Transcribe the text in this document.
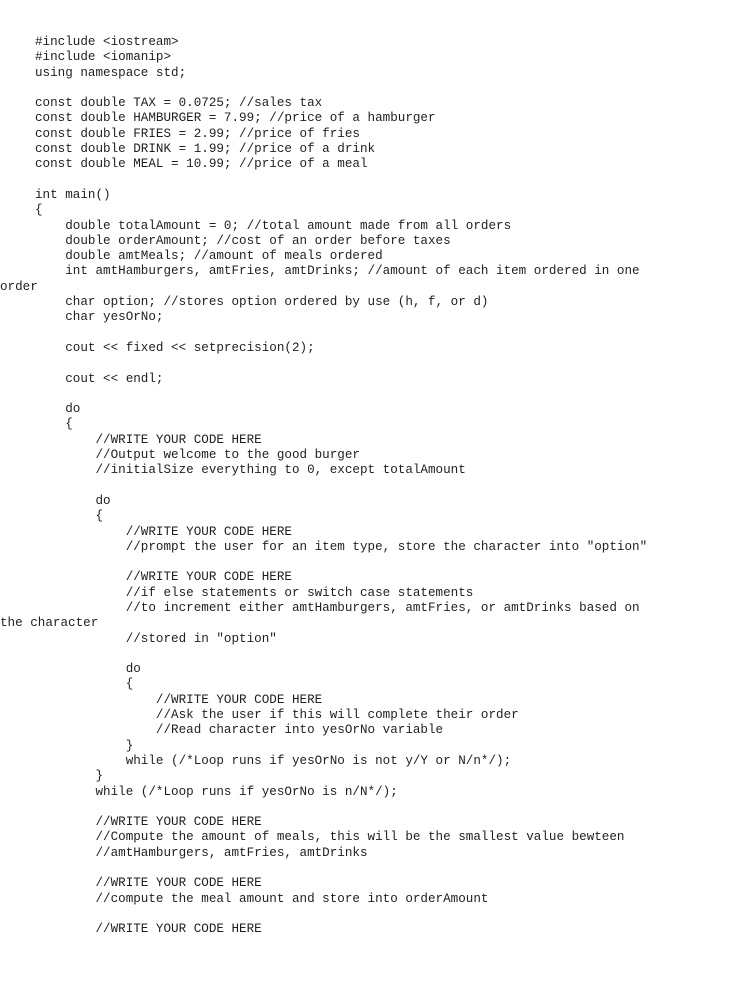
#include <iostream>
#include <iomanip>
using namespace std;
const double TAX = 0.0725; //sales tax
const double HAMBURGER = 7.99; //price of a hamburger
const double FRIES = 2.99; //price of fries
const double DRINK = 1.99; //price of a drink
const double MEAL = 10.99; //price of a meal
int main()
{
double totalAmount = 0; //total amount made from all orders
double orderAmount; //cost of an order before taxes
double amtMeals; //amount of meals ordered
int amtHamburgers, amtFries, amtDrinks; //amount of each item ordered in one
order
char option; //stores option ordered by use (h, f, or d)
char yesOrNo;
cout << fixed << setprecision(2);
cout << endl;
do
{
//WRITE YOUR CODE HERE
//Output welcome to the good burger
//initialSize everything to 0, except totalAmount
do
{
//WRITE YOUR CODE HERE
//prompt the user for an item type, store the character into "option"
//WRITE YOUR CODE HERE
//if else statements or switch case statements
//to increment either amtHamburgers, amtFries, or amtDrinks based on
the character
//stored in "option"
do
{
//WRITE YOUR CODE HERE
//Ask the user if this will complete their order
//Read character into yesOrNo variable
}
while (/*Loop runs if yesOrNo is not y/Y or N/n*/);
}
while (/*Loop runs if yesOrNo is n/N*/);
//WRITE YOUR CODE HERE
//Compute the amount of meals, this will be the smallest value bewteen
//amtHamburgers, amtFries, amtDrinks
//WRITE YOUR CODE HERE
//compute the meal amount and store into orderAmount
//WRITE YOUR CODE HERE
